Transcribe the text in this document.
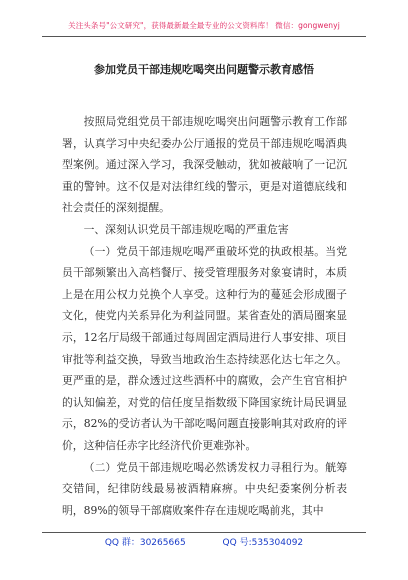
关注头条号"公文研究"，获得最新最全最专业的公文资料库！ 微信：gongwenyj
参加党员干部违规吃喝突出问题警示教育感悟

按照局党组党员干部违规吃喝突出问题警示教育工作部署，认真学习中央纪委办公厅通报的党员干部违规吃喝酒典型案例。通过深入学习，我深受触动，犹如被敲响了一记沉重的警钟。这不仅是对法律红线的警示，更是对道德底线和社会责任的深刻提醒。

一、深刻认识党员干部违规吃喝的严重危害

（一）党员干部违规吃喝严重破坏党的执政根基。当党员干部频繁出入高档餐厅、接受管理服务对象宴请时，本质上是在用公权力兑换个人享受。这种行为的蔓延会形成圈子文化，使党内关系异化为利益同盟。某省查处的酒局圈案显示，12名厅局级干部通过每周固定酒局进行人事安排、项目审批等利益交换，导致当地政治生态持续恶化达七年之久。更严重的是，群众透过这些酒杯中的腐败，会产生官官相护的认知偏差，对党的信任度呈指数级下降国家统计局民调显示，82%的受访者认为干部吃喝问题直接影响其对政府的评价，这种信任赤字比经济代价更难弥补。

（二）党员干部违规吃喝必然诱发权力寻租行为。觥筹交错间，纪律防线最易被酒精麻痹。中央纪委案例分析表明，89%的领导干部腐败案件存在违规吃喝前兆，其中

QQ 群：30265665	QQ 号:535304092
